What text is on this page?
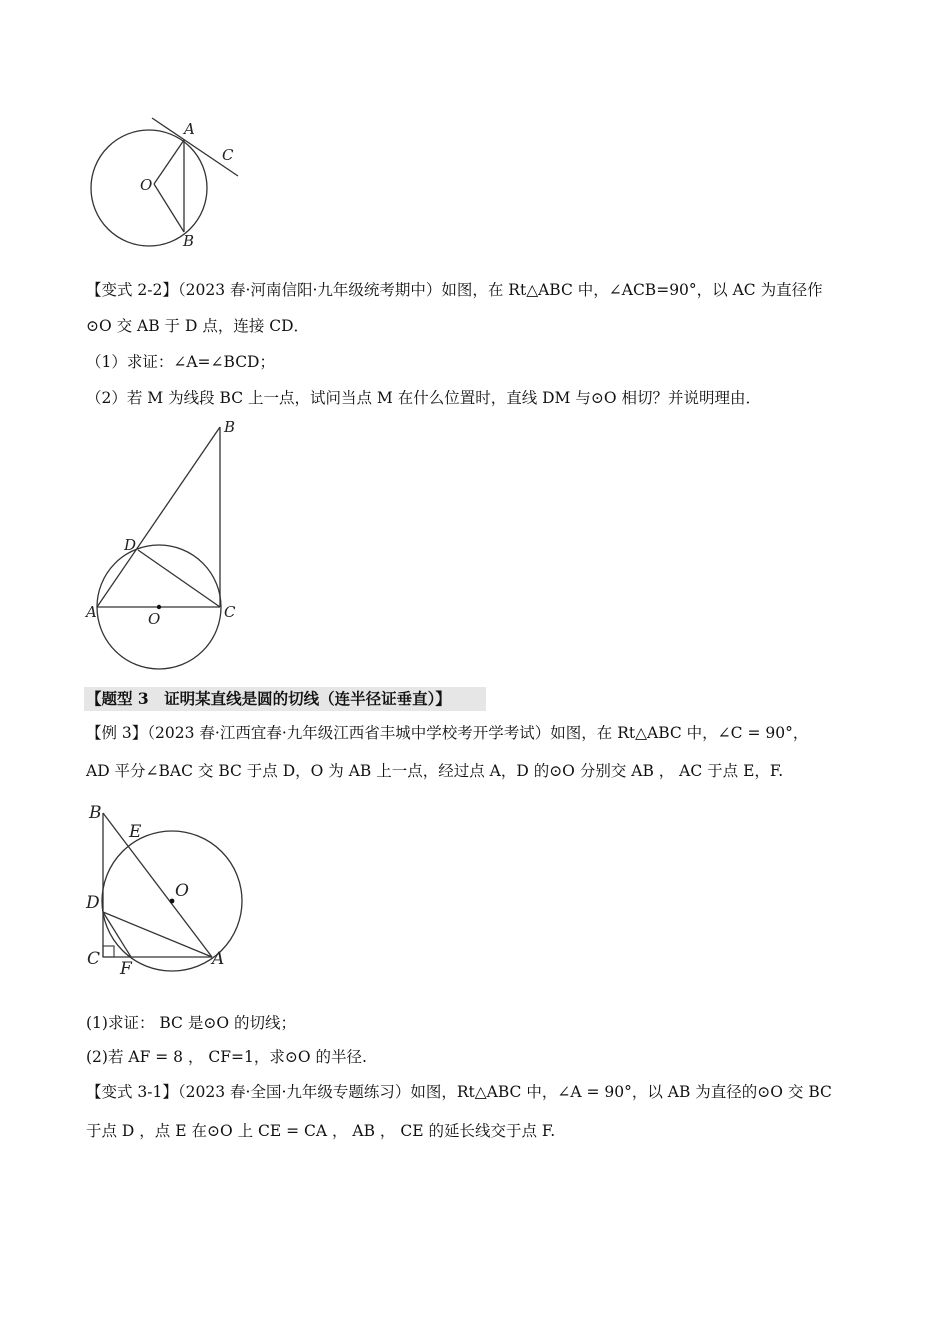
A
C
O
B
【变式 2-2】（2023 春·河南信阳·九年级统考期中）如图，在 Rt△ABC 中，∠ACB=90°，以 AC 为直径作
⊙O 交 AB 于 D 点，连接 CD．
（1）求证：∠A=∠BCD；
（2）若 M 为线段 BC 上一点，试问当点 M 在什么位置时，直线 DM 与⊙O 相切？并说明理由．
B
D
A	O	C
【题型 3　证明某直线是圆的切线（连半径证垂直）】
【例 3】（2023 春·江西宜春·九年级江西省丰城中学校考开学考试）如图，在 Rt△ABC 中，∠C = 90°，
AD 平分∠BAC 交 BC 于点 D，O 为 AB 上一点，经过点 A，D 的⊙O 分别交 AB ， AC 于点 E，F.
B
E
O
D
C F	A
(1)求证： BC 是⊙O 的切线；
(2)若 AF = 8 ， CF=1，求⊙O 的半径.
【变式 3-1】（2023 春·全国·九年级专题练习）如图，Rt△ABC 中，∠A = 90°，以 AB 为直径的⊙O 交 BC
于点 D ，点 E 在⊙O 上 CE = CA ， AB ， CE 的延长线交于点 F.
